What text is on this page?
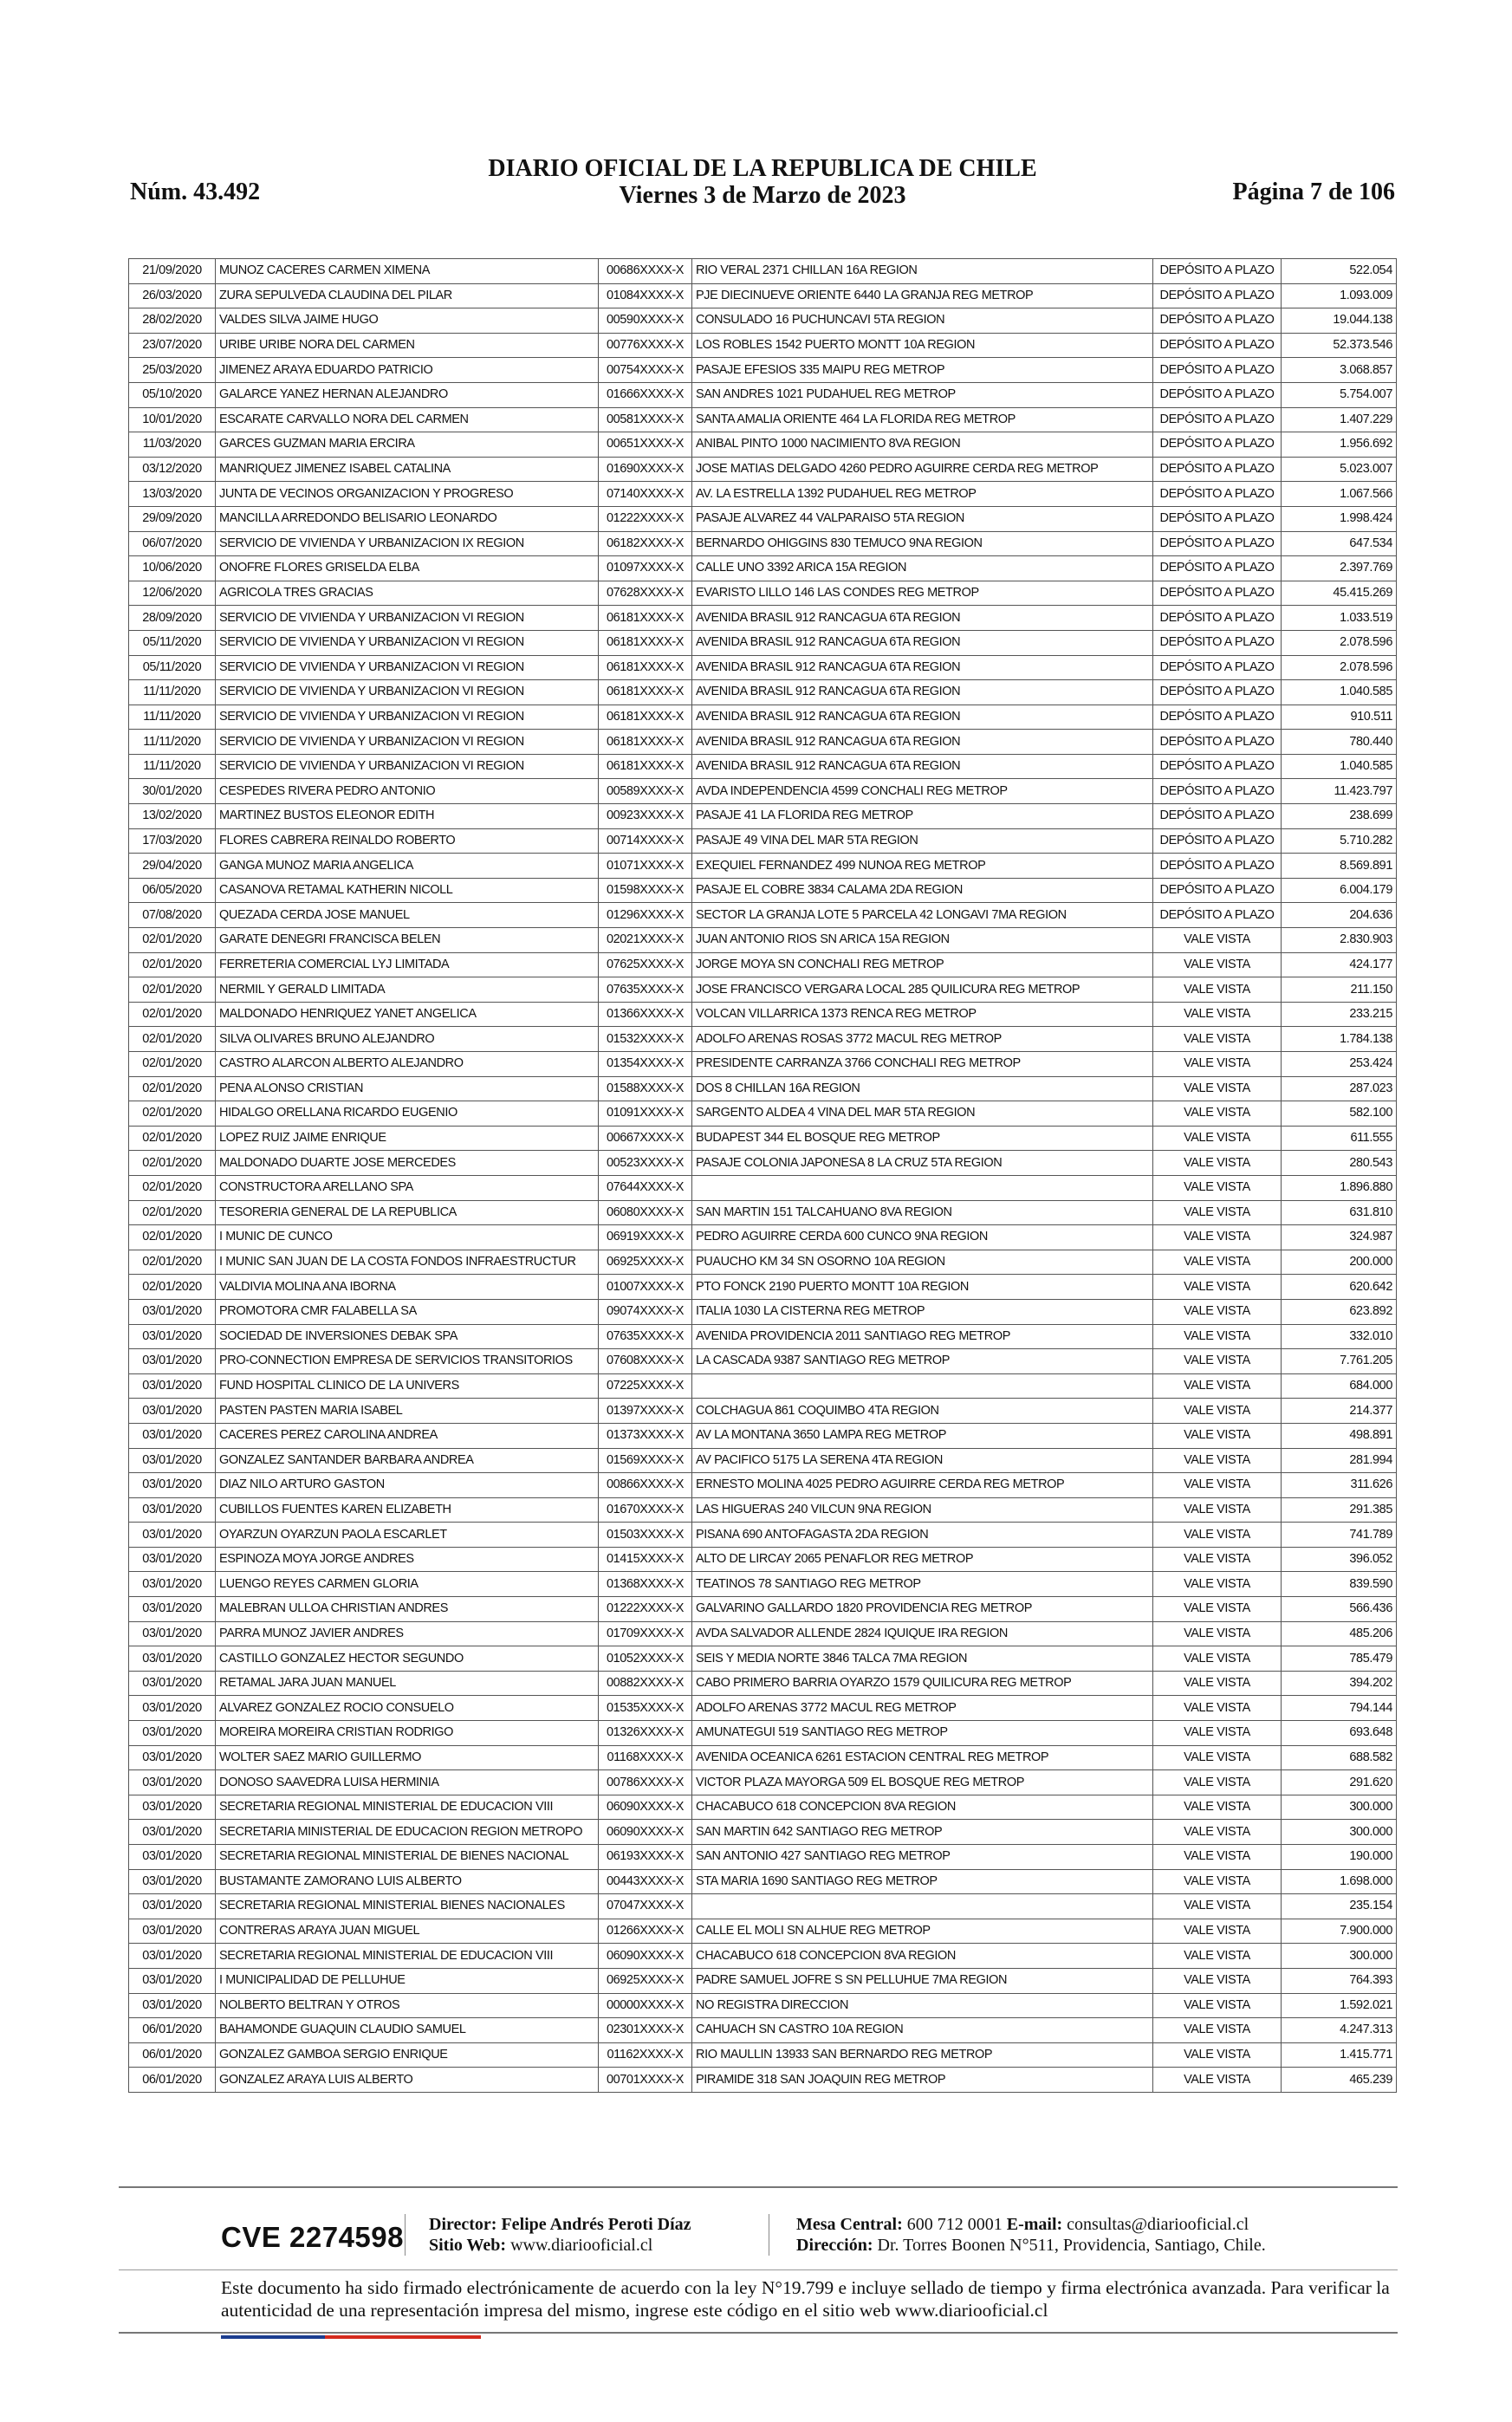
Núm. 43.492
DIARIO OFICIAL DE LA REPUBLICA DE CHILE
Viernes 3 de Marzo de 2023	Página 7 de 106
21/09/2020	MUNOZ CACERES CARMEN XIMENA	00686XXXX-X	RIO VERAL 2371 CHILLAN 16A REGION	DEPÓSITO A PLAZO	522.054
26/03/2020	ZURA SEPULVEDA CLAUDINA DEL PILAR	01084XXXX-X	PJE DIECINUEVE ORIENTE 6440 LA GRANJA REG METROP	DEPÓSITO A PLAZO	1.093.009
28/02/2020	VALDES SILVA JAIME HUGO	00590XXXX-X	CONSULADO 16 PUCHUNCAVI 5TA REGION	DEPÓSITO A PLAZO	19.044.138
23/07/2020	URIBE URIBE NORA DEL CARMEN	00776XXXX-X	LOS ROBLES 1542 PUERTO MONTT 10A REGION	DEPÓSITO A PLAZO	52.373.546
25/03/2020	JIMENEZ ARAYA EDUARDO PATRICIO	00754XXXX-X	PASAJE EFESIOS 335 MAIPU REG METROP	DEPÓSITO A PLAZO	3.068.857
05/10/2020	GALARCE YANEZ HERNAN ALEJANDRO	01666XXXX-X	SAN ANDRES 1021 PUDAHUEL REG METROP	DEPÓSITO A PLAZO	5.754.007
10/01/2020	ESCARATE CARVALLO NORA DEL CARMEN	00581XXXX-X	SANTA AMALIA ORIENTE 464 LA FLORIDA REG METROP	DEPÓSITO A PLAZO	1.407.229
11/03/2020	GARCES GUZMAN MARIA ERCIRA	00651XXXX-X	ANIBAL PINTO 1000 NACIMIENTO 8VA REGION	DEPÓSITO A PLAZO	1.956.692
03/12/2020	MANRIQUEZ JIMENEZ ISABEL CATALINA	01690XXXX-X	JOSE MATIAS DELGADO 4260 PEDRO AGUIRRE CERDA REG METROP	DEPÓSITO A PLAZO	5.023.007
13/03/2020	JUNTA DE VECINOS ORGANIZACION Y PROGRESO	07140XXXX-X	AV. LA ESTRELLA 1392 PUDAHUEL REG METROP	DEPÓSITO A PLAZO	1.067.566
29/09/2020	MANCILLA ARREDONDO BELISARIO LEONARDO	01222XXXX-X	PASAJE ALVAREZ 44 VALPARAISO 5TA REGION	DEPÓSITO A PLAZO	1.998.424
06/07/2020	SERVICIO DE VIVIENDA Y URBANIZACION IX REGION	06182XXXX-X	BERNARDO OHIGGINS 830 TEMUCO 9NA REGION	DEPÓSITO A PLAZO	647.534
10/06/2020	ONOFRE FLORES GRISELDA ELBA	01097XXXX-X	CALLE UNO 3392 ARICA 15A REGION	DEPÓSITO A PLAZO	2.397.769
12/06/2020	AGRICOLA TRES GRACIAS	07628XXXX-X	EVARISTO LILLO 146 LAS CONDES REG METROP	DEPÓSITO A PLAZO	45.415.269
28/09/2020	SERVICIO DE VIVIENDA Y URBANIZACION VI REGION	06181XXXX-X	AVENIDA BRASIL 912 RANCAGUA 6TA REGION	DEPÓSITO A PLAZO	1.033.519
05/11/2020	SERVICIO DE VIVIENDA Y URBANIZACION VI REGION	06181XXXX-X	AVENIDA BRASIL 912 RANCAGUA 6TA REGION	DEPÓSITO A PLAZO	2.078.596
05/11/2020	SERVICIO DE VIVIENDA Y URBANIZACION VI REGION	06181XXXX-X	AVENIDA BRASIL 912 RANCAGUA 6TA REGION	DEPÓSITO A PLAZO	2.078.596
11/11/2020	SERVICIO DE VIVIENDA Y URBANIZACION VI REGION	06181XXXX-X	AVENIDA BRASIL 912 RANCAGUA 6TA REGION	DEPÓSITO A PLAZO	1.040.585
11/11/2020	SERVICIO DE VIVIENDA Y URBANIZACION VI REGION	06181XXXX-X	AVENIDA BRASIL 912 RANCAGUA 6TA REGION	DEPÓSITO A PLAZO	910.511
11/11/2020	SERVICIO DE VIVIENDA Y URBANIZACION VI REGION	06181XXXX-X	AVENIDA BRASIL 912 RANCAGUA 6TA REGION	DEPÓSITO A PLAZO	780.440
11/11/2020	SERVICIO DE VIVIENDA Y URBANIZACION VI REGION	06181XXXX-X	AVENIDA BRASIL 912 RANCAGUA 6TA REGION	DEPÓSITO A PLAZO	1.040.585
30/01/2020	CESPEDES RIVERA PEDRO ANTONIO	00589XXXX-X	AVDA INDEPENDENCIA 4599 CONCHALI REG METROP	DEPÓSITO A PLAZO	11.423.797
13/02/2020	MARTINEZ BUSTOS ELEONOR EDITH	00923XXXX-X	PASAJE 41 LA FLORIDA REG METROP	DEPÓSITO A PLAZO	238.699
17/03/2020	FLORES CABRERA REINALDO ROBERTO	00714XXXX-X	PASAJE 49 VINA DEL MAR 5TA REGION	DEPÓSITO A PLAZO	5.710.282
29/04/2020	GANGA MUNOZ MARIA ANGELICA	01071XXXX-X	EXEQUIEL FERNANDEZ 499 NUNOA REG METROP	DEPÓSITO A PLAZO	8.569.891
06/05/2020	CASANOVA RETAMAL KATHERIN NICOLL	01598XXXX-X	PASAJE EL COBRE 3834 CALAMA 2DA REGION	DEPÓSITO A PLAZO	6.004.179
07/08/2020	QUEZADA CERDA JOSE MANUEL	01296XXXX-X	SECTOR LA GRANJA LOTE 5 PARCELA 42 LONGAVI 7MA REGION	DEPÓSITO A PLAZO	204.636
02/01/2020	GARATE DENEGRI FRANCISCA BELEN	02021XXXX-X	JUAN ANTONIO RIOS SN ARICA 15A REGION	VALE VISTA	2.830.903
02/01/2020	FERRETERIA COMERCIAL LYJ LIMITADA	07625XXXX-X	JORGE MOYA SN CONCHALI REG METROP	VALE VISTA	424.177
02/01/2020	NERMIL Y GERALD LIMITADA	07635XXXX-X	JOSE FRANCISCO VERGARA LOCAL 285 QUILICURA REG METROP	VALE VISTA	211.150
02/01/2020	MALDONADO HENRIQUEZ YANET ANGELICA	01366XXXX-X	VOLCAN VILLARRICA 1373 RENCA REG METROP	VALE VISTA	233.215
02/01/2020	SILVA OLIVARES BRUNO ALEJANDRO	01532XXXX-X	ADOLFO ARENAS ROSAS 3772 MACUL REG METROP	VALE VISTA	1.784.138
02/01/2020	CASTRO ALARCON ALBERTO ALEJANDRO	01354XXXX-X	PRESIDENTE CARRANZA 3766 CONCHALI REG METROP	VALE VISTA	253.424
02/01/2020	PENA ALONSO CRISTIAN	01588XXXX-X	DOS 8 CHILLAN 16A REGION	VALE VISTA	287.023
02/01/2020	HIDALGO ORELLANA RICARDO EUGENIO	01091XXXX-X	SARGENTO ALDEA 4 VINA DEL MAR 5TA REGION	VALE VISTA	582.100
02/01/2020	LOPEZ RUIZ JAIME ENRIQUE	00667XXXX-X	BUDAPEST 344 EL BOSQUE REG METROP	VALE VISTA	611.555
02/01/2020	MALDONADO DUARTE JOSE MERCEDES	00523XXXX-X	PASAJE COLONIA JAPONESA 8 LA CRUZ 5TA REGION	VALE VISTA	280.543
02/01/2020	CONSTRUCTORA ARELLANO SPA	07644XXXX-X		VALE VISTA	1.896.880
02/01/2020	TESORERIA GENERAL DE LA REPUBLICA	06080XXXX-X	SAN MARTIN 151 TALCAHUANO 8VA REGION	VALE VISTA	631.810
02/01/2020	I MUNIC DE CUNCO	06919XXXX-X	PEDRO AGUIRRE CERDA 600 CUNCO 9NA REGION	VALE VISTA	324.987
02/01/2020	I MUNIC SAN JUAN DE LA COSTA FONDOS INFRAESTRUCTUR	06925XXXX-X	PUAUCHO KM 34 SN OSORNO 10A REGION	VALE VISTA	200.000
02/01/2020	VALDIVIA MOLINA ANA IBORNA	01007XXXX-X	PTO FONCK 2190 PUERTO MONTT 10A REGION	VALE VISTA	620.642
03/01/2020	PROMOTORA CMR FALABELLA SA	09074XXXX-X	ITALIA 1030 LA CISTERNA REG METROP	VALE VISTA	623.892
03/01/2020	SOCIEDAD DE INVERSIONES DEBAK SPA	07635XXXX-X	AVENIDA PROVIDENCIA 2011 SANTIAGO REG METROP	VALE VISTA	332.010
03/01/2020	PRO-CONNECTION EMPRESA DE SERVICIOS TRANSITORIOS	07608XXXX-X	LA CASCADA 9387 SANTIAGO REG METROP	VALE VISTA	7.761.205
03/01/2020	FUND HOSPITAL CLINICO DE LA UNIVERS	07225XXXX-X		VALE VISTA	684.000
03/01/2020	PASTEN PASTEN MARIA ISABEL	01397XXXX-X	COLCHAGUA 861 COQUIMBO 4TA REGION	VALE VISTA	214.377
03/01/2020	CACERES PEREZ CAROLINA ANDREA	01373XXXX-X	AV LA MONTANA 3650 LAMPA REG METROP	VALE VISTA	498.891
03/01/2020	GONZALEZ SANTANDER BARBARA ANDREA	01569XXXX-X	AV PACIFICO 5175 LA SERENA 4TA REGION	VALE VISTA	281.994
03/01/2020	DIAZ NILO ARTURO GASTON	00866XXXX-X	ERNESTO MOLINA 4025 PEDRO AGUIRRE CERDA REG METROP	VALE VISTA	311.626
03/01/2020	CUBILLOS FUENTES KAREN ELIZABETH	01670XXXX-X	LAS HIGUERAS 240 VILCUN 9NA REGION	VALE VISTA	291.385
03/01/2020	OYARZUN OYARZUN PAOLA ESCARLET	01503XXXX-X	PISANA 690 ANTOFAGASTA 2DA REGION	VALE VISTA	741.789
03/01/2020	ESPINOZA MOYA JORGE ANDRES	01415XXXX-X	ALTO DE LIRCAY 2065 PENAFLOR REG METROP	VALE VISTA	396.052
03/01/2020	LUENGO REYES CARMEN GLORIA	01368XXXX-X	TEATINOS 78 SANTIAGO REG METROP	VALE VISTA	839.590
03/01/2020	MALEBRAN ULLOA CHRISTIAN ANDRES	01222XXXX-X	GALVARINO GALLARDO 1820 PROVIDENCIA REG METROP	VALE VISTA	566.436
03/01/2020	PARRA MUNOZ JAVIER ANDRES	01709XXXX-X	AVDA SALVADOR ALLENDE 2824 IQUIQUE IRA REGION	VALE VISTA	485.206
03/01/2020	CASTILLO GONZALEZ HECTOR SEGUNDO	01052XXXX-X	SEIS Y MEDIA NORTE 3846 TALCA 7MA REGION	VALE VISTA	785.479
03/01/2020	RETAMAL JARA JUAN MANUEL	00882XXXX-X	CABO PRIMERO BARRIA OYARZO 1579 QUILICURA REG METROP	VALE VISTA	394.202
03/01/2020	ALVAREZ GONZALEZ ROCIO CONSUELO	01535XXXX-X	ADOLFO ARENAS 3772 MACUL REG METROP	VALE VISTA	794.144
03/01/2020	MOREIRA MOREIRA CRISTIAN RODRIGO	01326XXXX-X	AMUNATEGUI 519 SANTIAGO REG METROP	VALE VISTA	693.648
03/01/2020	WOLTER SAEZ MARIO GUILLERMO	01168XXXX-X	AVENIDA OCEANICA 6261 ESTACION CENTRAL REG METROP	VALE VISTA	688.582
03/01/2020	DONOSO SAAVEDRA LUISA HERMINIA	00786XXXX-X	VICTOR PLAZA MAYORGA 509 EL BOSQUE REG METROP	VALE VISTA	291.620
03/01/2020	SECRETARIA REGIONAL MINISTERIAL DE EDUCACION VIII	06090XXXX-X	CHACABUCO 618 CONCEPCION 8VA REGION	VALE VISTA	300.000
03/01/2020	SECRETARIA MINISTERIAL DE EDUCACION REGION METROPO	06090XXXX-X	SAN MARTIN 642 SANTIAGO REG METROP	VALE VISTA	300.000
03/01/2020	SECRETARIA REGIONAL MINISTERIAL DE BIENES NACIONAL	06193XXXX-X	SAN ANTONIO 427 SANTIAGO REG METROP	VALE VISTA	190.000
03/01/2020	BUSTAMANTE ZAMORANO LUIS ALBERTO	00443XXXX-X	STA MARIA 1690 SANTIAGO REG METROP	VALE VISTA	1.698.000
03/01/2020	SECRETARIA REGIONAL MINISTERIAL BIENES NACIONALES	07047XXXX-X		VALE VISTA	235.154
03/01/2020	CONTRERAS ARAYA JUAN MIGUEL	01266XXXX-X	CALLE EL MOLI SN ALHUE REG METROP	VALE VISTA	7.900.000
03/01/2020	SECRETARIA REGIONAL MINISTERIAL DE EDUCACION VIII	06090XXXX-X	CHACABUCO 618 CONCEPCION 8VA REGION	VALE VISTA	300.000
03/01/2020	I MUNICIPALIDAD DE PELLUHUE	06925XXXX-X	PADRE SAMUEL JOFRE S SN PELLUHUE 7MA REGION	VALE VISTA	764.393
03/01/2020	NOLBERTO BELTRAN Y OTROS	00000XXXX-X	NO REGISTRA DIRECCION	VALE VISTA	1.592.021
06/01/2020	BAHAMONDE GUAQUIN CLAUDIO SAMUEL	02301XXXX-X	CAHUACH SN CASTRO 10A REGION	VALE VISTA	4.247.313
06/01/2020	GONZALEZ GAMBOA SERGIO ENRIQUE	01162XXXX-X	RIO MAULLIN 13933 SAN BERNARDO REG METROP	VALE VISTA	1.415.771
06/01/2020	GONZALEZ ARAYA LUIS ALBERTO	00701XXXX-X	PIRAMIDE 318 SAN JOAQUIN REG METROP	VALE VISTA	465.239
CVE 2274598 Director: Felipe Andrés Peroti Díaz
Sitio Web: www.diariooficial.cl
Mesa Central: 600 712 0001 E-mail: consultas@diariooficial.cl
Dirección: Dr. Torres Boonen N°511, Providencia, Santiago, Chile.
Este documento ha sido firmado electrónicamente de acuerdo con la ley N°19.799 e incluye sellado de tiempo y firma electrónica avanzada. Para verificar la autenticidad de una representación impresa del mismo, ingrese este código en el sitio web www.diariooficial.cl
